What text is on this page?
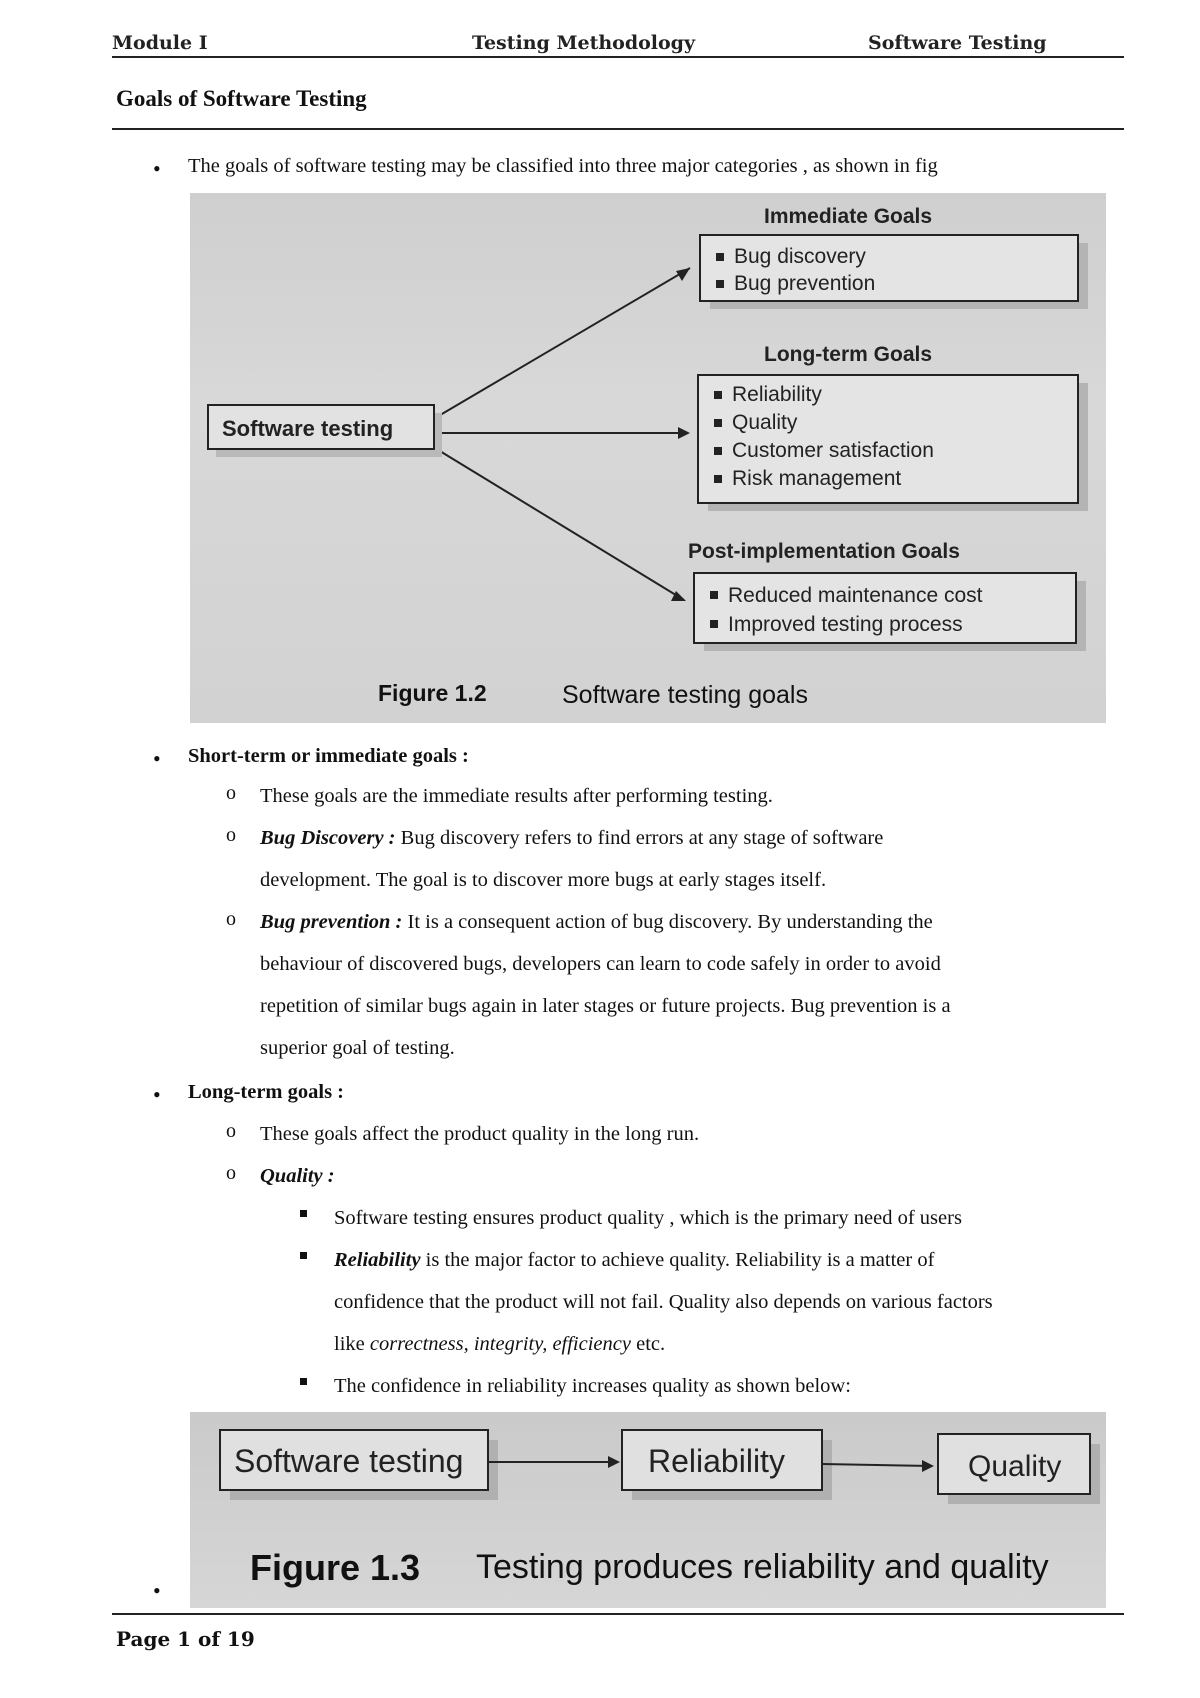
Module I	Testing Methodology	Software Testing
Goals of Software Testing
• The goals of software testing may be classified into three major categories , as shown in fig
Software testing
Immediate Goals
Bug discovery
Bug prevention
Long-term Goals
Reliability
Quality
Customer satisfaction
Risk management
Post-implementation Goals
Reduced maintenance cost
Improved testing process
Figure 1.2	Software testing goals
• Short-term or immediate goals :
o These goals are the immediate results after performing testing.
o Bug Discovery : Bug discovery refers to find errors at any stage of software
development. The goal is to discover more bugs at early stages itself.
o Bug prevention : It is a consequent action of bug discovery. By understanding the
behaviour of discovered bugs, developers can learn to code safely in order to avoid
repetition of similar bugs again in later stages or future projects. Bug prevention is a
superior goal of testing.
• Long-term goals :
o These goals affect the product quality in the long run.
o Quality :
Software testing ensures product quality , which is the primary need of users
Reliability is the major factor to achieve quality. Reliability is a matter of
confidence that the product will not fail. Quality also depends on various factors
like correctness, integrity, efficiency etc.
The confidence in reliability increases quality as shown below:
Software testing	Reliability	Quality
Figure 1.3 Testing produces reliability and quality
•
Page 1 of 19
